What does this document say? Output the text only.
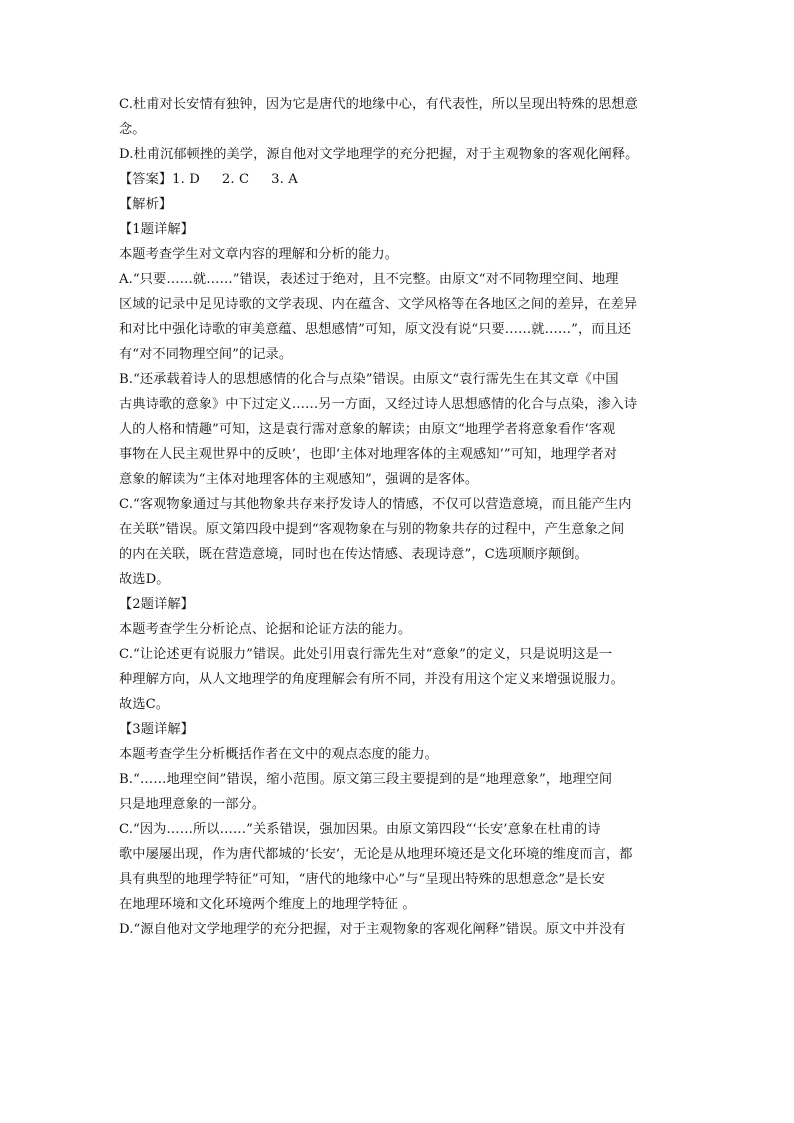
C.杜甫对长安情有独钟，因为它是唐代的地缘中心，有代表性，所以呈现出特殊的思想意
念。
D.杜甫沉郁顿挫的美学，源自他对文学地理学的充分把握，对于主观物象的客观化阐释。
【答案】1. D 2. C 3. A
【解析】
【1题详解】
本题考查学生对文章内容的理解和分析的能力。
A.“只要……就……”错误，表述过于绝对，且不完整。由原文“对不同物理空间、地理
区域的记录中足见诗歌的文学表现、内在蕴含、文学风格等在各地区之间的差异，在差异
和对比中强化诗歌的审美意蕴、思想感情”可知，原文没有说“只要……就……”，而且还
有“对不同物理空间”的记录。
B.“还承载着诗人的思想感情的化合与点染”错误。由原文“袁行霈先生在其文章《中国
古典诗歌的意象》中下过定义……另一方面，又经过诗人思想感情的化合与点染，渗入诗
人的人格和情趣”可知，这是袁行霈对意象的解读；由原文“地理学者将意象看作‘客观
事物在人民主观世界中的反映’，也即‘主体对地理客体的主观感知’”可知，地理学者对
意象的解读为“主体对地理客体的主观感知”，强调的是客体。
C.“客观物象通过与其他物象共存来抒发诗人的情感，不仅可以营造意境，而且能产生内
在关联”错误。原文第四段中提到“客观物象在与别的物象共存的过程中，产生意象之间
的内在关联，既在营造意境，同时也在传达情感、表现诗意”，C选项顺序颠倒。
故选D。
【2题详解】
本题考查学生分析论点、论据和论证方法的能力。
C.“让论述更有说服力”错误。此处引用袁行霈先生对“意象”的定义，只是说明这是一
种理解方向，从人文地理学的角度理解会有所不同，并没有用这个定义来增强说服力。
故选C。
【3题详解】
本题考查学生分析概括作者在文中的观点态度的能力。
B.“……地理空间”错误，缩小范围。原文第三段主要提到的是“地理意象”，地理空间
只是地理意象的一部分。
C.“因为……所以……”关系错误，强加因果。由原文第四段“‘长安’意象在杜甫的诗
歌中屡屡出现，作为唐代都城的‘长安’，无论是从地理环境还是文化环境的维度而言，都
具有典型的地理学特征”可知，“唐代的地缘中心”与“呈现出特殊的思想意念”是长安
在地理环境和文化环境两个维度上的地理学特征 。
D.“源自他对文学地理学的充分把握，对于主观物象的客观化阐释”错误。原文中并没有
